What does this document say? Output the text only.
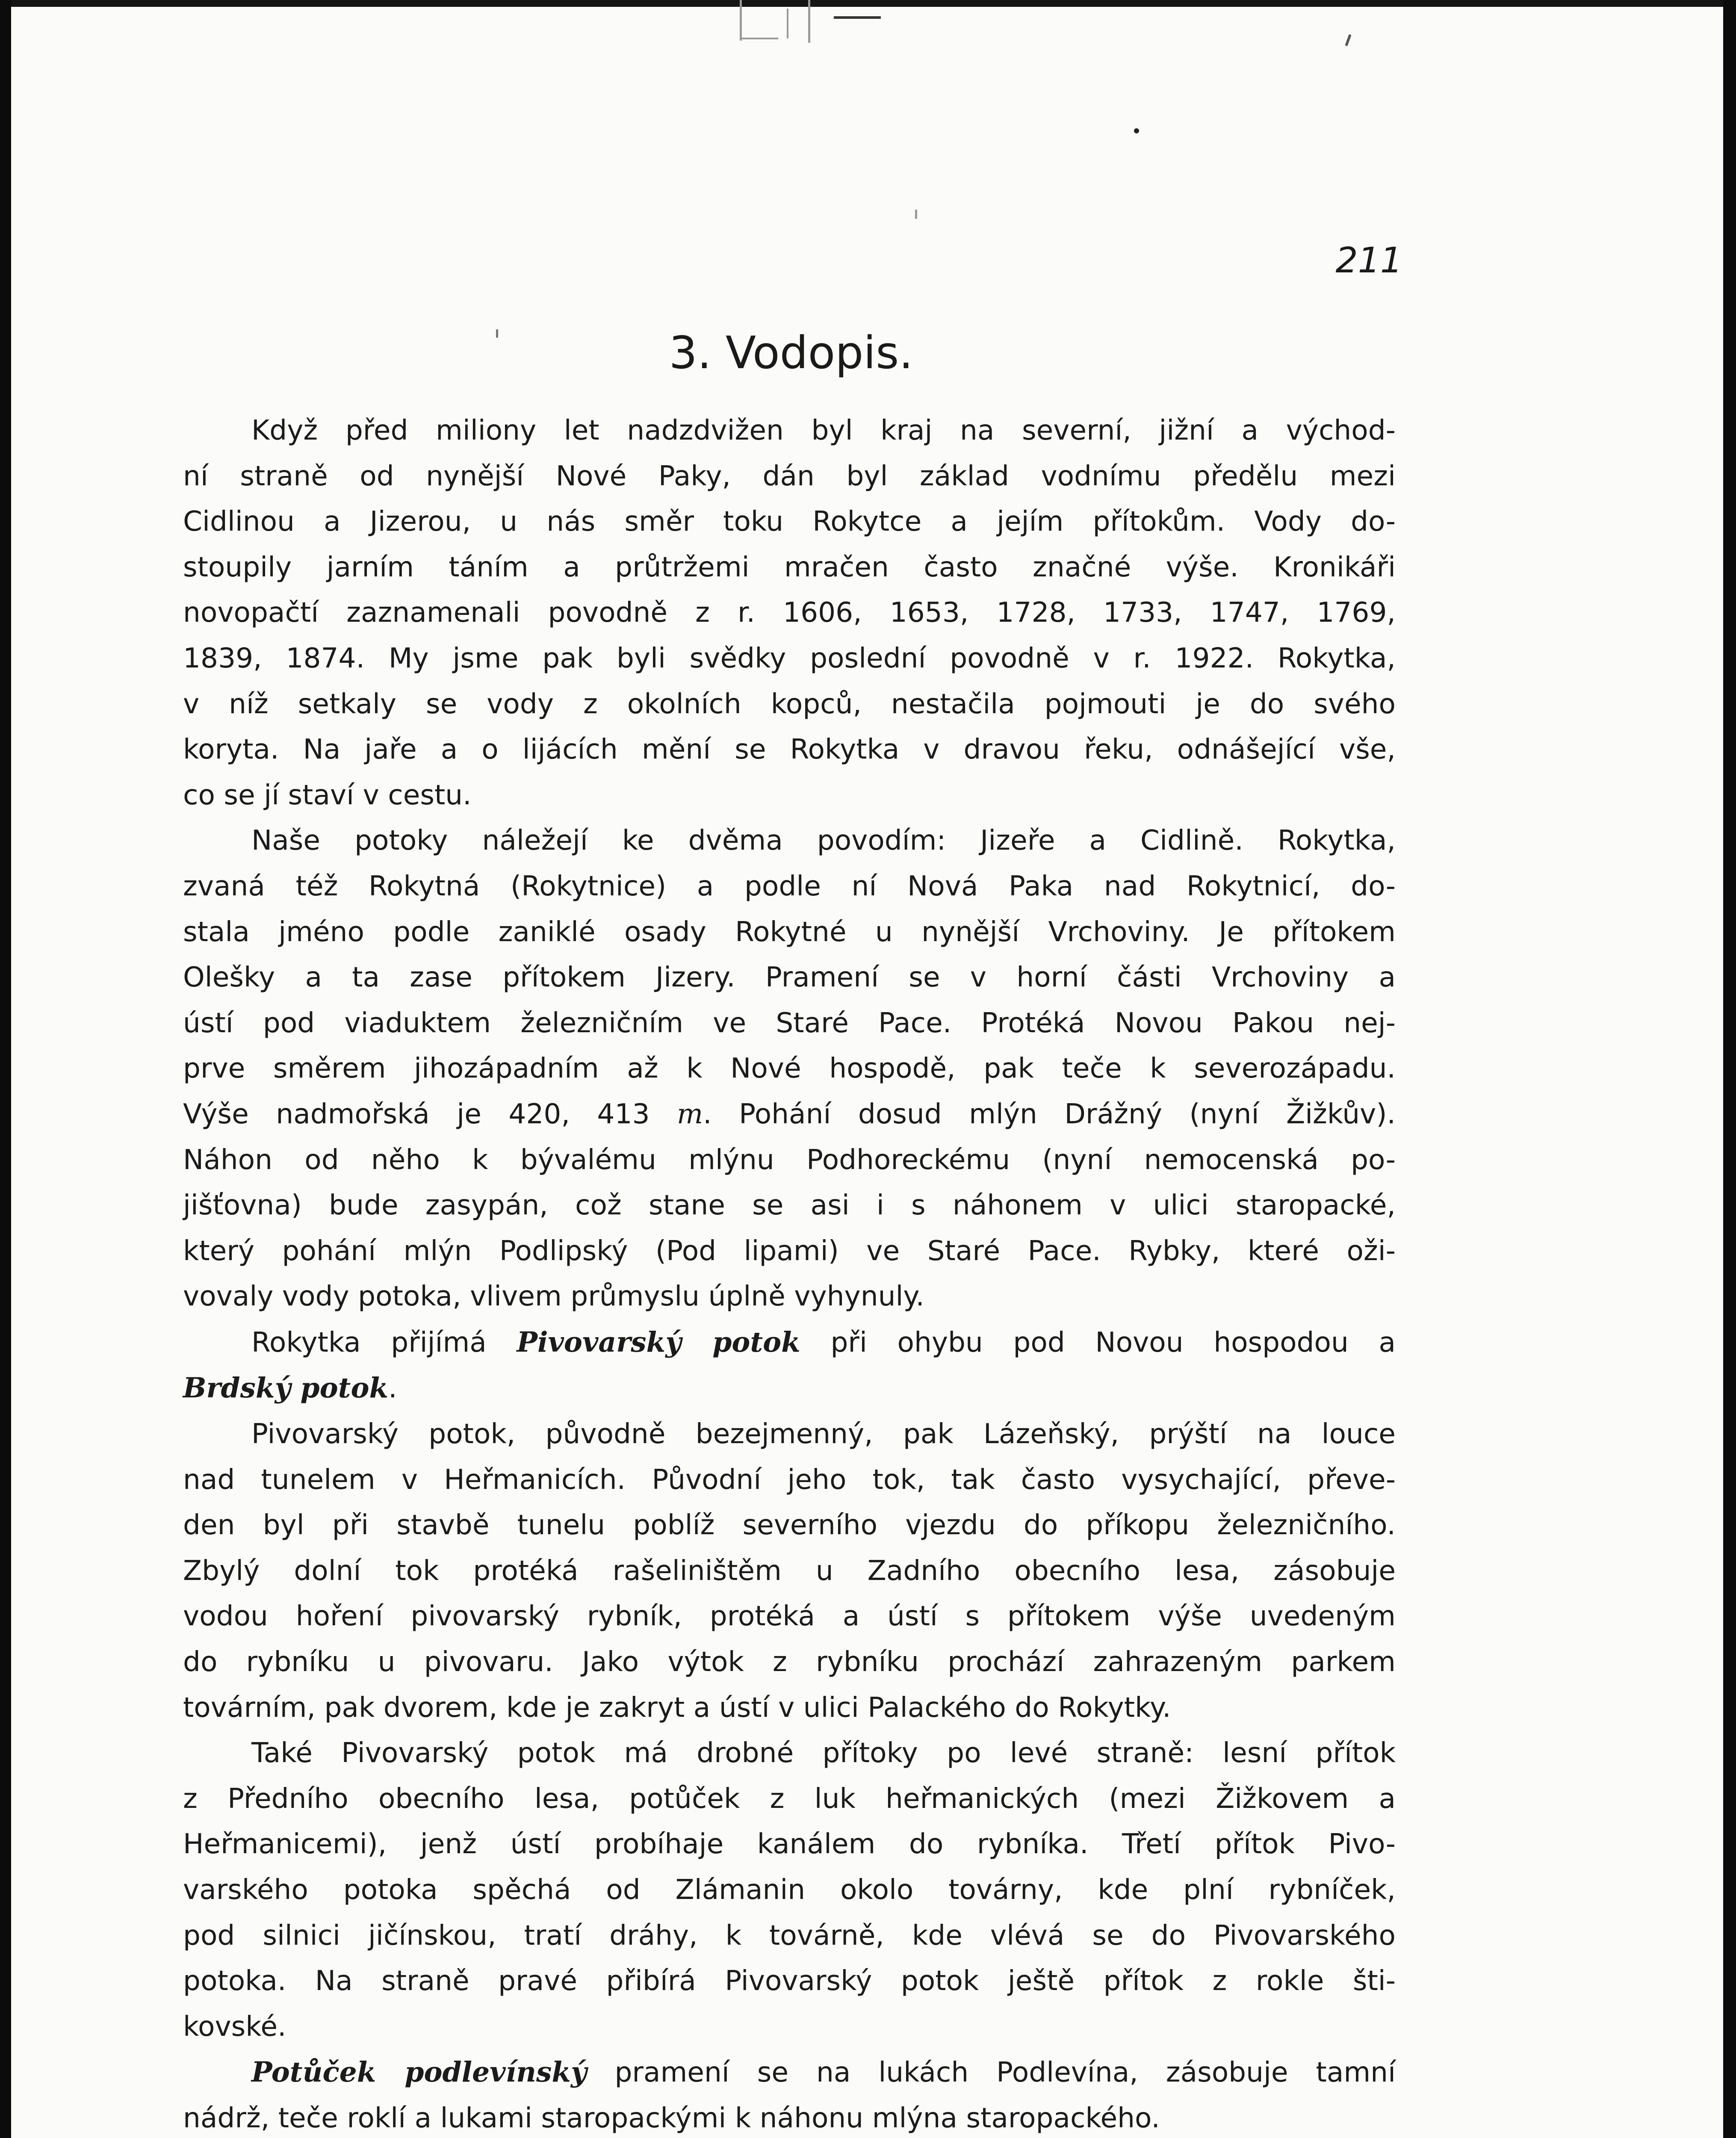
211
3. Vodopis.
Když před miliony let nadzdvižen byl kraj na severní, jižní a východ-
ní straně od nynější Nové Paky, dán byl základ vodnímu předělu mezi
Cidlinou a Jizerou, u nás směr toku Rokytce a jejím přítokům. Vody do-
stoupily jarním táním a průtržemi mračen často značné výše. Kronikáři
novopačtí zaznamenali povodně z r. 1606, 1653, 1728, 1733, 1747, 1769,
1839, 1874. My jsme pak byli svědky poslední povodně v r. 1922. Rokytka,
v níž setkaly se vody z okolních kopců, nestačila pojmouti je do svého
koryta. Na jaře a o lijácích mění se Rokytka v dravou řeku, odnášející vše,
co se jí staví v cestu.
Naše potoky náležejí ke dvěma povodím: Jizeře a Cidlině. Rokytka,
zvaná též Rokytná (Rokytnice) a podle ní Nová Paka nad Rokytnicí, do-
stala jméno podle zaniklé osady Rokytné u nynější Vrchoviny. Je přítokem
Olešky a ta zase přítokem Jizery. Pramení se v horní části Vrchoviny a
ústí pod viaduktem železničním ve Staré Pace. Protéká Novou Pakou nej-
prve směrem jihozápadním až k Nové hospodě, pak teče k severozápadu.
Výše nadmořská je 420, 413 m. Pohání dosud mlýn Drážný (nyní Žižkův).
Náhon od něho k bývalému mlýnu Podhoreckému (nyní nemocenská po-
jišťovna) bude zasypán, což stane se asi i s náhonem v ulici staropacké,
který pohání mlýn Podlipský (Pod lipami) ve Staré Pace. Rybky, které oži-
vovaly vody potoka, vlivem průmyslu úplně vyhynuly.
Rokytka přijímá Pivovarský potok při ohybu pod Novou hospodou a
Brdský potok.
Pivovarský potok, původně bezejmenný, pak Lázeňský, prýští na louce
nad tunelem v Heřmanicích. Původní jeho tok, tak často vysychající, převe-
den byl při stavbě tunelu poblíž severního vjezdu do příkopu železničního.
Zbylý dolní tok protéká rašeliništěm u Zadního obecního lesa, zásobuje
vodou hoření pivovarský rybník, protéká a ústí s přítokem výše uvedeným
do rybníku u pivovaru. Jako výtok z rybníku prochází zahrazeným parkem
továrním, pak dvorem, kde je zakryt a ústí v ulici Palackého do Rokytky.
Také Pivovarský potok má drobné přítoky po levé straně: lesní přítok
z Předního obecního lesa, potůček z luk heřmanických (mezi Žižkovem a
Heřmanicemi), jenž ústí probíhaje kanálem do rybníka. Třetí přítok Pivo-
varského potoka spěchá od Zlámanin okolo továrny, kde plní rybníček,
pod silnici jičínskou, tratí dráhy, k továrně, kde vlévá se do Pivovarského
potoka. Na straně pravé přibírá Pivovarský potok ještě přítok z rokle šti-
kovské.
Potůček podlevínský pramení se na lukách Podlevína, zásobuje tamní
nádrž, teče roklí a lukami staropackými k náhonu mlýna staropackého.
